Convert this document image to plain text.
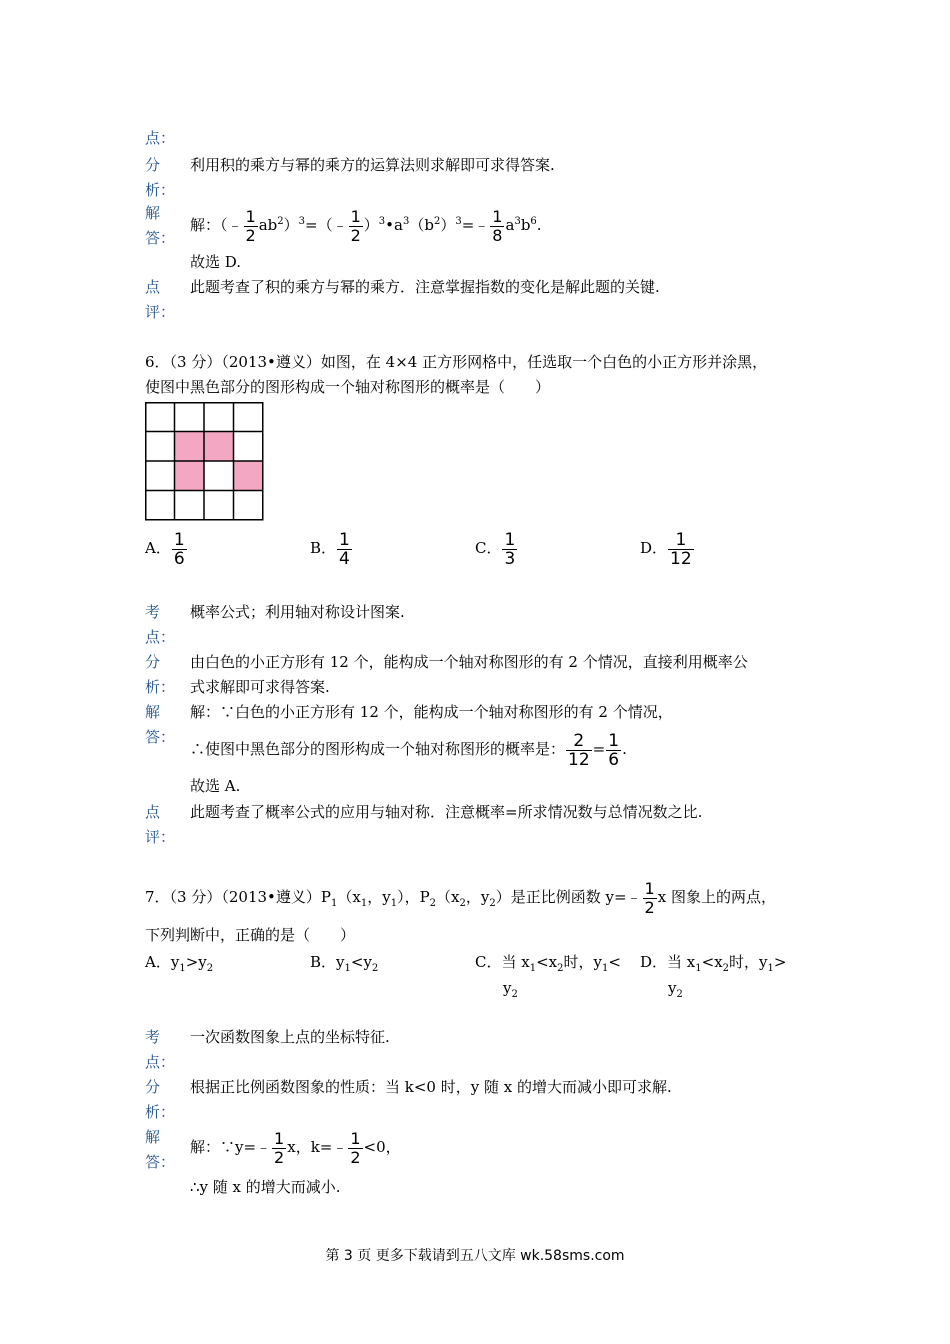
点：
分 利用积的乘方与幂的乘方的运算法则求解即可求得答案.
析：
解
答：
解：（﹣ $\frac{1}{2}$ $ab^2)^3=(﹣ \frac{1}{2}$ ）$^3•a^3(b^2)^3=﹣ \frac{1}{8} a^3b^6$.
故选 D.
点 此题考查了积的乘方与幂的乘方．注意掌握指数的变化是解此题的关键.
评：
6．（3 分）（2013•遵义）如图，在 4×4 正方形网格中，任选取一个白色的小正方形并涂黑，
使图中黑色部分的图形构成一个轴对称图形的概率是（　　）
A． $\frac{1}{6}$	B． $\frac{1}{4}$	C． $\frac{1}{3}$	D． $\frac{1}{12}$
考 概率公式；利用轴对称设计图案.
点：
分 由白色的小正方形有 12 个，能构成一个轴对称图形的有 2 个情况，直接利用概率公
析： 式求解即可求得答案.
解 解：∵白色的小正方形有 12 个，能构成一个轴对称图形的有 2 个情况，
答：
∴使图中黑色部分的图形构成一个轴对称图形的概率是： $\frac{2}{12} = \frac{1}{6}$ .
故选 A.
点 此题考查了概率公式的应用与轴对称．注意概率=所求情况数与总情况数之比.
评：
7．（3 分）（2013•遵义）$P_1(x_1$，$y_1$），$P_2(x_2$，$y_2$）是正比例函数 y=﹣ $\frac{1}{2}$ x 图象上的两点，
下列判断中，正确的是（　　）
A．$y_1>y_2$	B．$y_1<y_2$	C．当 $x_1<x_2$时，$y_1<$
$y_2$
D．当 $x_1<x_2$时，$y_1>$
$y_2$
考 一次函数图象上点的坐标特征.
点：
分 根据正比例函数图象的性质：当 k<0 时，y 随 x 的增大而减小即可求解.
析：
解
答：
解：∵y=﹣ $\frac{1}{2}$ x，k=﹣ $\frac{1}{2} <0$，
∴y 随 x 的增大而减小.
第 3 页 更多下载请到五八文库 wk.58sms.com
